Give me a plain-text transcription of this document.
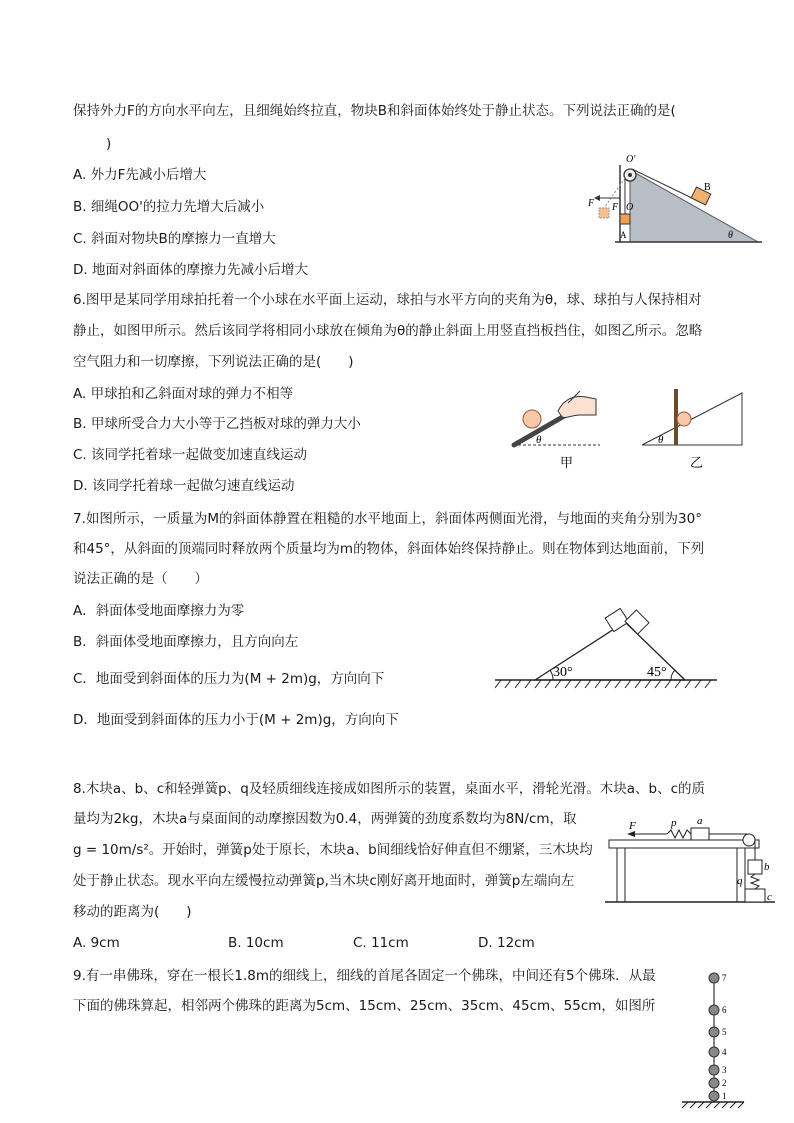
保持外力F的方向水平向左，且细绳始终拉直，物块B和斜面体始终处于静止状态。下列说法正确的是(
)
A. 外力F先减小后增大
B. 细绳OO'的拉力先增大后减小
C. 斜面对物块B的摩擦力一直增大
D. 地面对斜面体的摩擦力先减小后增大
O'
B
F F O
A	θ
6.图甲是某同学用球拍托着一个小球在水平面上运动，球拍与水平方向的夹角为θ，球、球拍与人保持相对
静止，如图甲所示。然后该同学将相同小球放在倾角为θ的静止斜面上用竖直挡板挡住，如图乙所示。忽略
空气阻力和一切摩擦，下列说法正确的是(　　)
A. 甲球拍和乙斜面对球的弹力不相等
B. 甲球所受合力大小等于乙挡板对球的弹力大小
C. 该同学托着球一起做变加速直线运动
D. 该同学托着球一起做匀速直线运动
θ
甲
θ
乙
7.如图所示，一质量为M的斜面体静置在粗糙的水平地面上，斜面体两侧面光滑，与地面的夹角分别为30°
和45°，从斜面的顶端同时释放两个质量均为m的物体，斜面体始终保持静止。则在物体到达地面前，下列
说法正确的是（　　）
A．斜面体受地面摩擦力为零
B．斜面体受地面摩擦力，且方向向左
C．地面受到斜面体的压力为(M + 2m)g，方向向下
D．地面受到斜面体的压力小于(M + 2m)g，方向向下
30°	45°
8.木块a、b、c和轻弹簧p、q及轻质细线连接成如图所示的装置，桌面水平，滑轮光滑。木块a、b、c的质
量均为2kg，木块a与桌面间的动摩擦因数为0.4，两弹簧的劲度系数均为8N/cm，取
g = 10m/s²。开始时，弹簧p处于原长，木块a、b间细线恰好伸直但不绷紧，三木块均
处于静止状态。现水平向左缓慢拉动弹簧p,当木块c刚好离开地面时，弹簧p左端向左
移动的距离为(　　)
A. 9cm	B. 10cm	C. 11cm	D. 12cm
F	p a
b
q
c
9.有一串佛珠，穿在一根长1.8m的细线上，细线的首尾各固定一个佛珠，中间还有5个佛珠．从最
下面的佛珠算起，相邻两个佛珠的距离为5cm、15cm、25cm、35cm、45cm、55cm，如图所
1
2
3
4
5
6
7
